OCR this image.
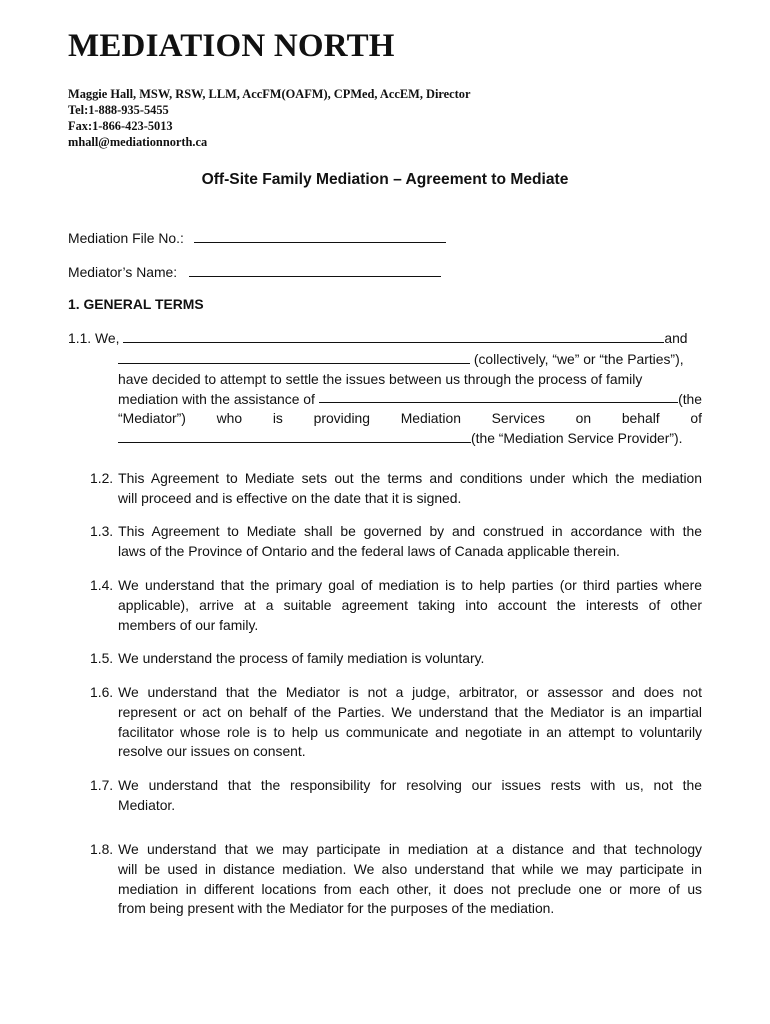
MEDIATION NORTH
Maggie Hall, MSW, RSW, LLM, AccFM(OAFM), CPMed, AccEM, Director
Tel:1-888-935-5455
Fax:1-866-423-5013
mhall@mediationnorth.ca
Off-Site Family Mediation – Agreement to Mediate
Mediation File No.:
Mediator’s Name:
1. GENERAL TERMS
1.1. We,	and
(collectively, “we” or “the Parties”),
have decided to attempt to settle the issues between us through the process of family
mediation with the assistance of	(the
“Mediator”) who is providing Mediation Services on behalf of
(the “Mediation Service Provider”).
1.2. This Agreement to Mediate sets out the terms and conditions under which the mediation
will proceed and is effective on the date that it is signed.
1.3. This Agreement to Mediate shall be governed by and construed in accordance with the
laws of the Province of Ontario and the federal laws of Canada applicable therein.
1.4. We understand that the primary goal of mediation is to help parties (or third parties where
applicable), arrive at a suitable agreement taking into account the interests of other
members of our family.
1.5. We understand the process of family mediation is voluntary.
1.6. We understand that the Mediator is not a judge, arbitrator, or assessor and does not
represent or act on behalf of the Parties. We understand that the Mediator is an impartial
facilitator whose role is to help us communicate and negotiate in an attempt to voluntarily
resolve our issues on consent.
1.7. We understand that the responsibility for resolving our issues rests with us, not the
Mediator.
1.8. We understand that we may participate in mediation at a distance and that technology
will be used in distance mediation. We also understand that while we may participate in
mediation in different locations from each other, it does not preclude one or more of us
from being present with the Mediator for the purposes of the mediation.
